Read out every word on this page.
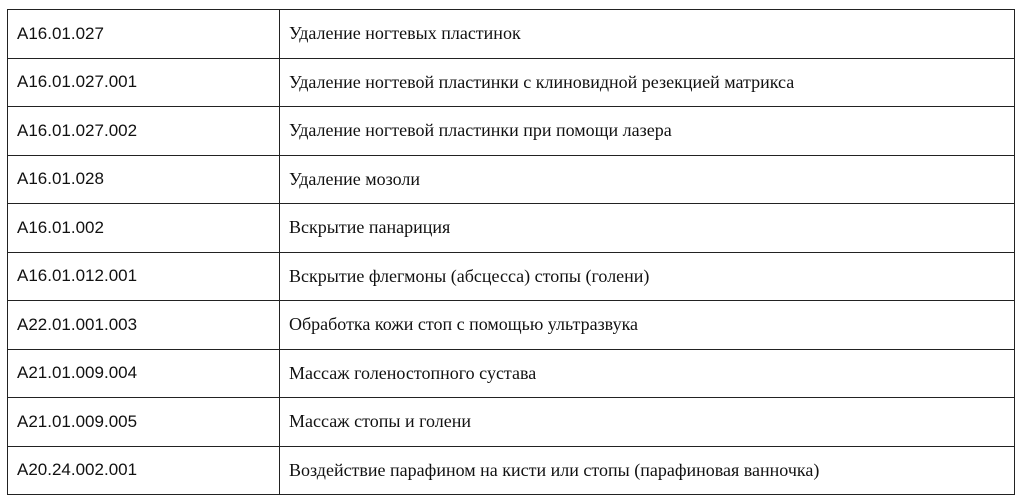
A16.01.027	Удаление ногтевых пластинок
A16.01.027.001	Удаление ногтевой пластинки с клиновидной резекцией матрикса
A16.01.027.002	Удаление ногтевой пластинки при помощи лазера
A16.01.028	Удаление мозоли
A16.01.002	Вскрытие панариция
A16.01.012.001	Вскрытие флегмоны (абсцесса) стопы (голени)
A22.01.001.003	Обработка кожи стоп с помощью ультразвука
A21.01.009.004	Массаж голеностопного сустава
A21.01.009.005	Массаж стопы и голени
A20.24.002.001	Воздействие парафином на кисти или стопы (парафиновая ванночка)
